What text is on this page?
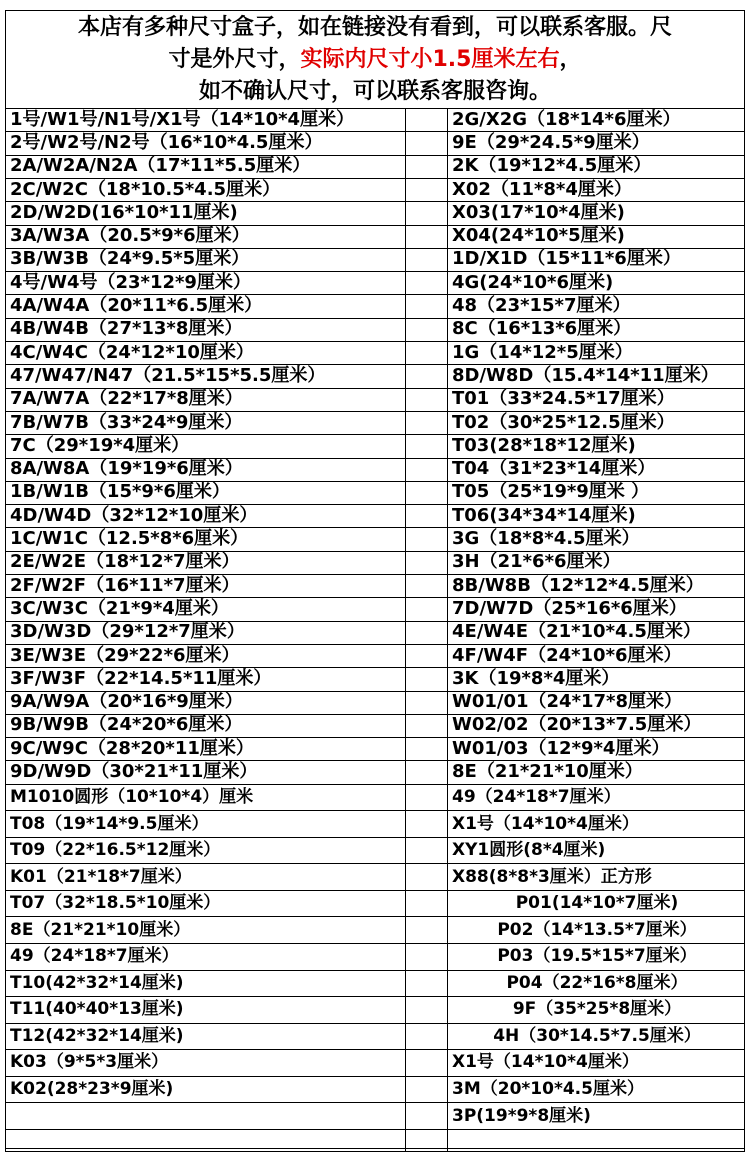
本店有多种尺寸盒子，如在链接没有看到，可以联系客服。尺
寸是外尺寸，实际内尺寸小1.5厘米左右，
如不确认尺寸，可以联系客服咨询。
1号/W1号/N1号/X1号（14*10*4厘米）
2号/W2号/N2号（16*10*4.5厘米）
2A/W2A/N2A（17*11*5.5厘米）
2C/W2C（18*10.5*4.5厘米）
2D/W2D(16*10*11厘米)
3A/W3A（20.5*9*6厘米）
3B/W3B（24*9.5*5厘米）
4号/W4号（23*12*9厘米）
4A/W4A（20*11*6.5厘米）
4B/W4B（27*13*8厘米）
4C/W4C（24*12*10厘米）
47/W47/N47（21.5*15*5.5厘米）
7A/W7A（22*17*8厘米）
7B/W7B（33*24*9厘米）
7C（29*19*4厘米）
8A/W8A（19*19*6厘米）
1B/W1B（15*9*6厘米）
4D/W4D（32*12*10厘米）
1C/W1C（12.5*8*6厘米）
2E/W2E（18*12*7厘米）
2F/W2F（16*11*7厘米）
3C/W3C（21*9*4厘米）
3D/W3D（29*12*7厘米）
3E/W3E（29*22*6厘米）
3F/W3F（22*14.5*11厘米）
9A/W9A（20*16*9厘米）
9B/W9B（24*20*6厘米）
9C/W9C（28*20*11厘米）
9D/W9D（30*21*11厘米）
M1010圆形（10*10*4）厘米
T08（19*14*9.5厘米）
T09（22*16.5*12厘米）
K01（21*18*7厘米）
T07（32*18.5*10厘米）
8E（21*21*10厘米）
49（24*18*7厘米）
T10(42*32*14厘米)
T11(40*40*13厘米)
T12(42*32*14厘米)
K03（9*5*3厘米）
K02(28*23*9厘米)
2G/X2G（18*14*6厘米）
9E（29*24.5*9厘米）
2K（19*12*4.5厘米）
X02（11*8*4厘米）
X03(17*10*4厘米)
X04(24*10*5厘米)
1D/X1D（15*11*6厘米）
4G(24*10*6厘米)
48（23*15*7厘米）
8C（16*13*6厘米）
1G（14*12*5厘米）
8D/W8D（15.4*14*11厘米）
T01（33*24.5*17厘米）
T02（30*25*12.5厘米）
T03(28*18*12厘米)
T04（31*23*14厘米）
T05（25*19*9厘米 ）
T06(34*34*14厘米)
3G（18*8*4.5厘米）
3H（21*6*6厘米）
8B/W8B（12*12*4.5厘米）
7D/W7D（25*16*6厘米）
4E/W4E（21*10*4.5厘米）
4F/W4F（24*10*6厘米）
3K（19*8*4厘米）
W01/01（24*17*8厘米）
W02/02（20*13*7.5厘米）
W01/03（12*9*4厘米）
8E（21*21*10厘米）
49（24*18*7厘米）
X1号（14*10*4厘米）
XY1圆形(8*4厘米)
X88(8*8*3厘米）正方形
P01(14*10*7厘米)
P02（14*13.5*7厘米）
P03（19.5*15*7厘米）
P04（22*16*8厘米）
9F（35*25*8厘米）
4H（30*14.5*7.5厘米）
X1号（14*10*4厘米）
3M（20*10*4.5厘米）
3P(19*9*8厘米)
